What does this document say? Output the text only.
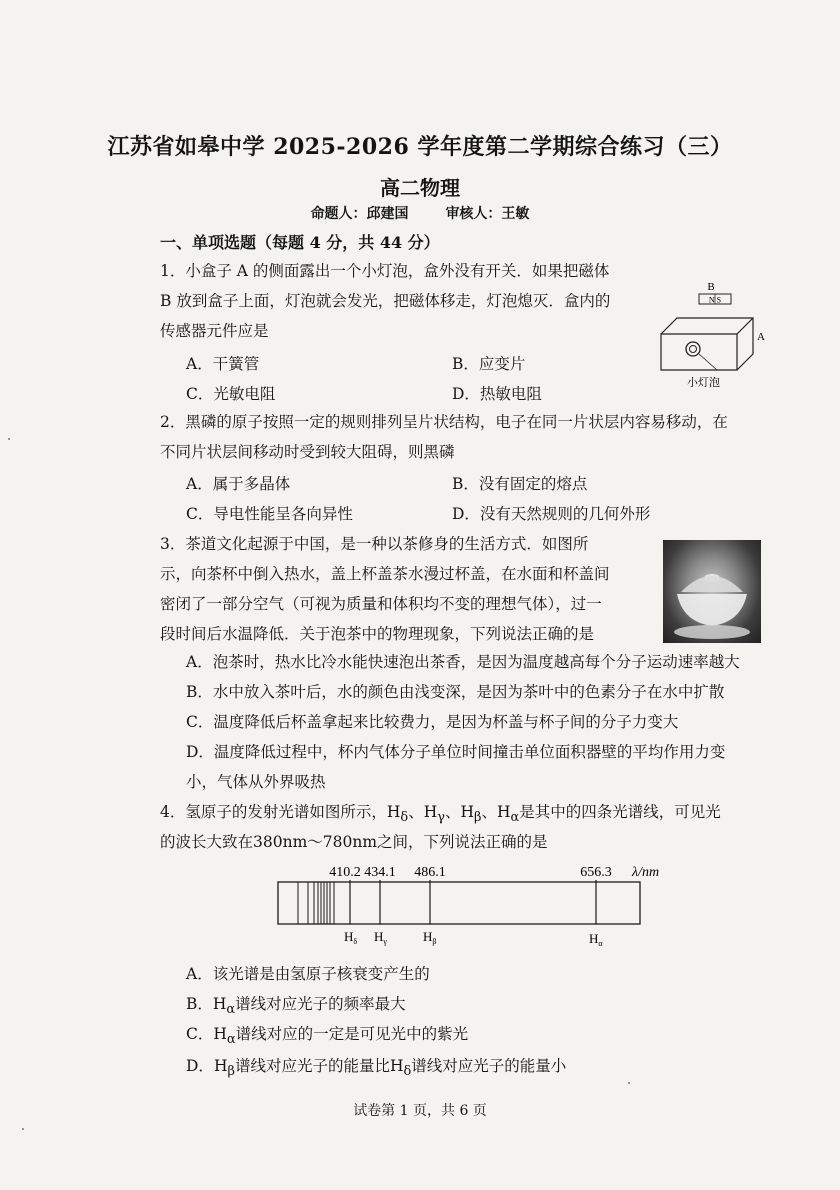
江苏省如皋中学 2025-2026 学年度第二学期综合练习（三）
高二物理
命题人：邱建国	审核人：王敏
一、单项选题（每题 4 分，共 44 分）
1．小盒子 A 的侧面露出一个小灯泡，盒外没有开关．如果把磁体
B 放到盒子上面，灯泡就会发光，把磁体移走，灯泡熄灭．盒内的
传感器元件应是
A．干簧管	B．应变片
C．光敏电阻	D．热敏电阻
B
N S
A
小灯泡
2．黑磷的原子按照一定的规则排列呈片状结构，电子在同一片状层内容易移动，在
不同片状层间移动时受到较大阻碍，则黑磷
A．属于多晶体	B．没有固定的熔点
C．导电性能呈各向异性	D．没有天然规则的几何外形
3．茶道文化起源于中国，是一种以茶修身的生活方式．如图所
示，向茶杯中倒入热水，盖上杯盖茶水漫过杯盖，在水面和杯盖间
密闭了一部分空气（可视为质量和体积均不变的理想气体），过一
段时间后水温降低．关于泡茶中的物理现象，下列说法正确的是
A．泡茶时，热水比冷水能快速泡出茶香，是因为温度越高每个分子运动速率越大
B．水中放入茶叶后，水的颜色由浅变深，是因为茶叶中的色素分子在水中扩散
C．温度降低后杯盖拿起来比较费力，是因为杯盖与杯子间的分子力变大
D．温度降低过程中，杯内气体分子单位时间撞击单位面积器壁的平均作用力变
小，气体从外界吸热
4．氢原子的发射光谱如图所示，$H_\delta$、$H_\gamma$、$H_\beta$、$H_\alpha$是其中的四条光谱线，可见光
的波长大致在380nm～780nm之间，下列说法正确的是
410.2 434.1 486.1	656.3 λ/nm
$H_\delta$ $H_\gamma$	$H_\beta$	$H_\alpha$
A．该光谱是由氢原子核衰变产生的
B．$H_\alpha$谱线对应光子的频率最大
C．$H_\alpha$谱线对应的一定是可见光中的紫光
D．$H_\beta$谱线对应光子的能量比$H_\delta$谱线对应光子的能量小
试卷第 1 页，共 6 页
